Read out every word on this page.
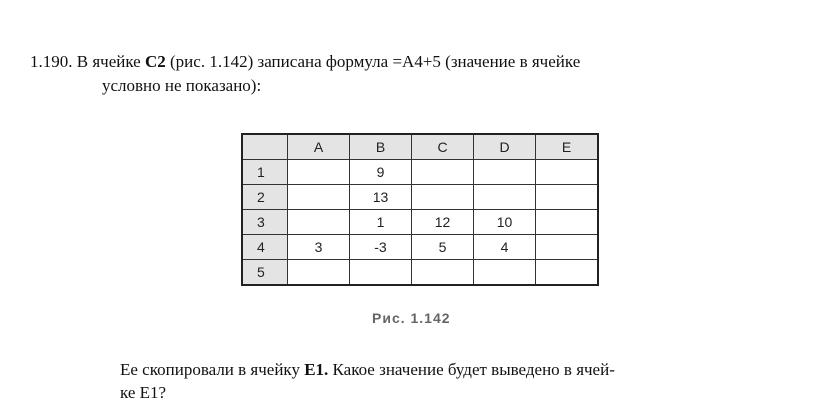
1.190. В ячейке C2 (рис. 1.142) записана формула =A4+5 (значение в ячейке
условно не показано):
	A	B	C	D	E
1		9			
2		13			
3		1	12	10	
4	3	-3	5	4	
5					
Рис. 1.142
Ее скопировали в ячейку E1. Какое значение будет выведено в ячей-
ке E1?
